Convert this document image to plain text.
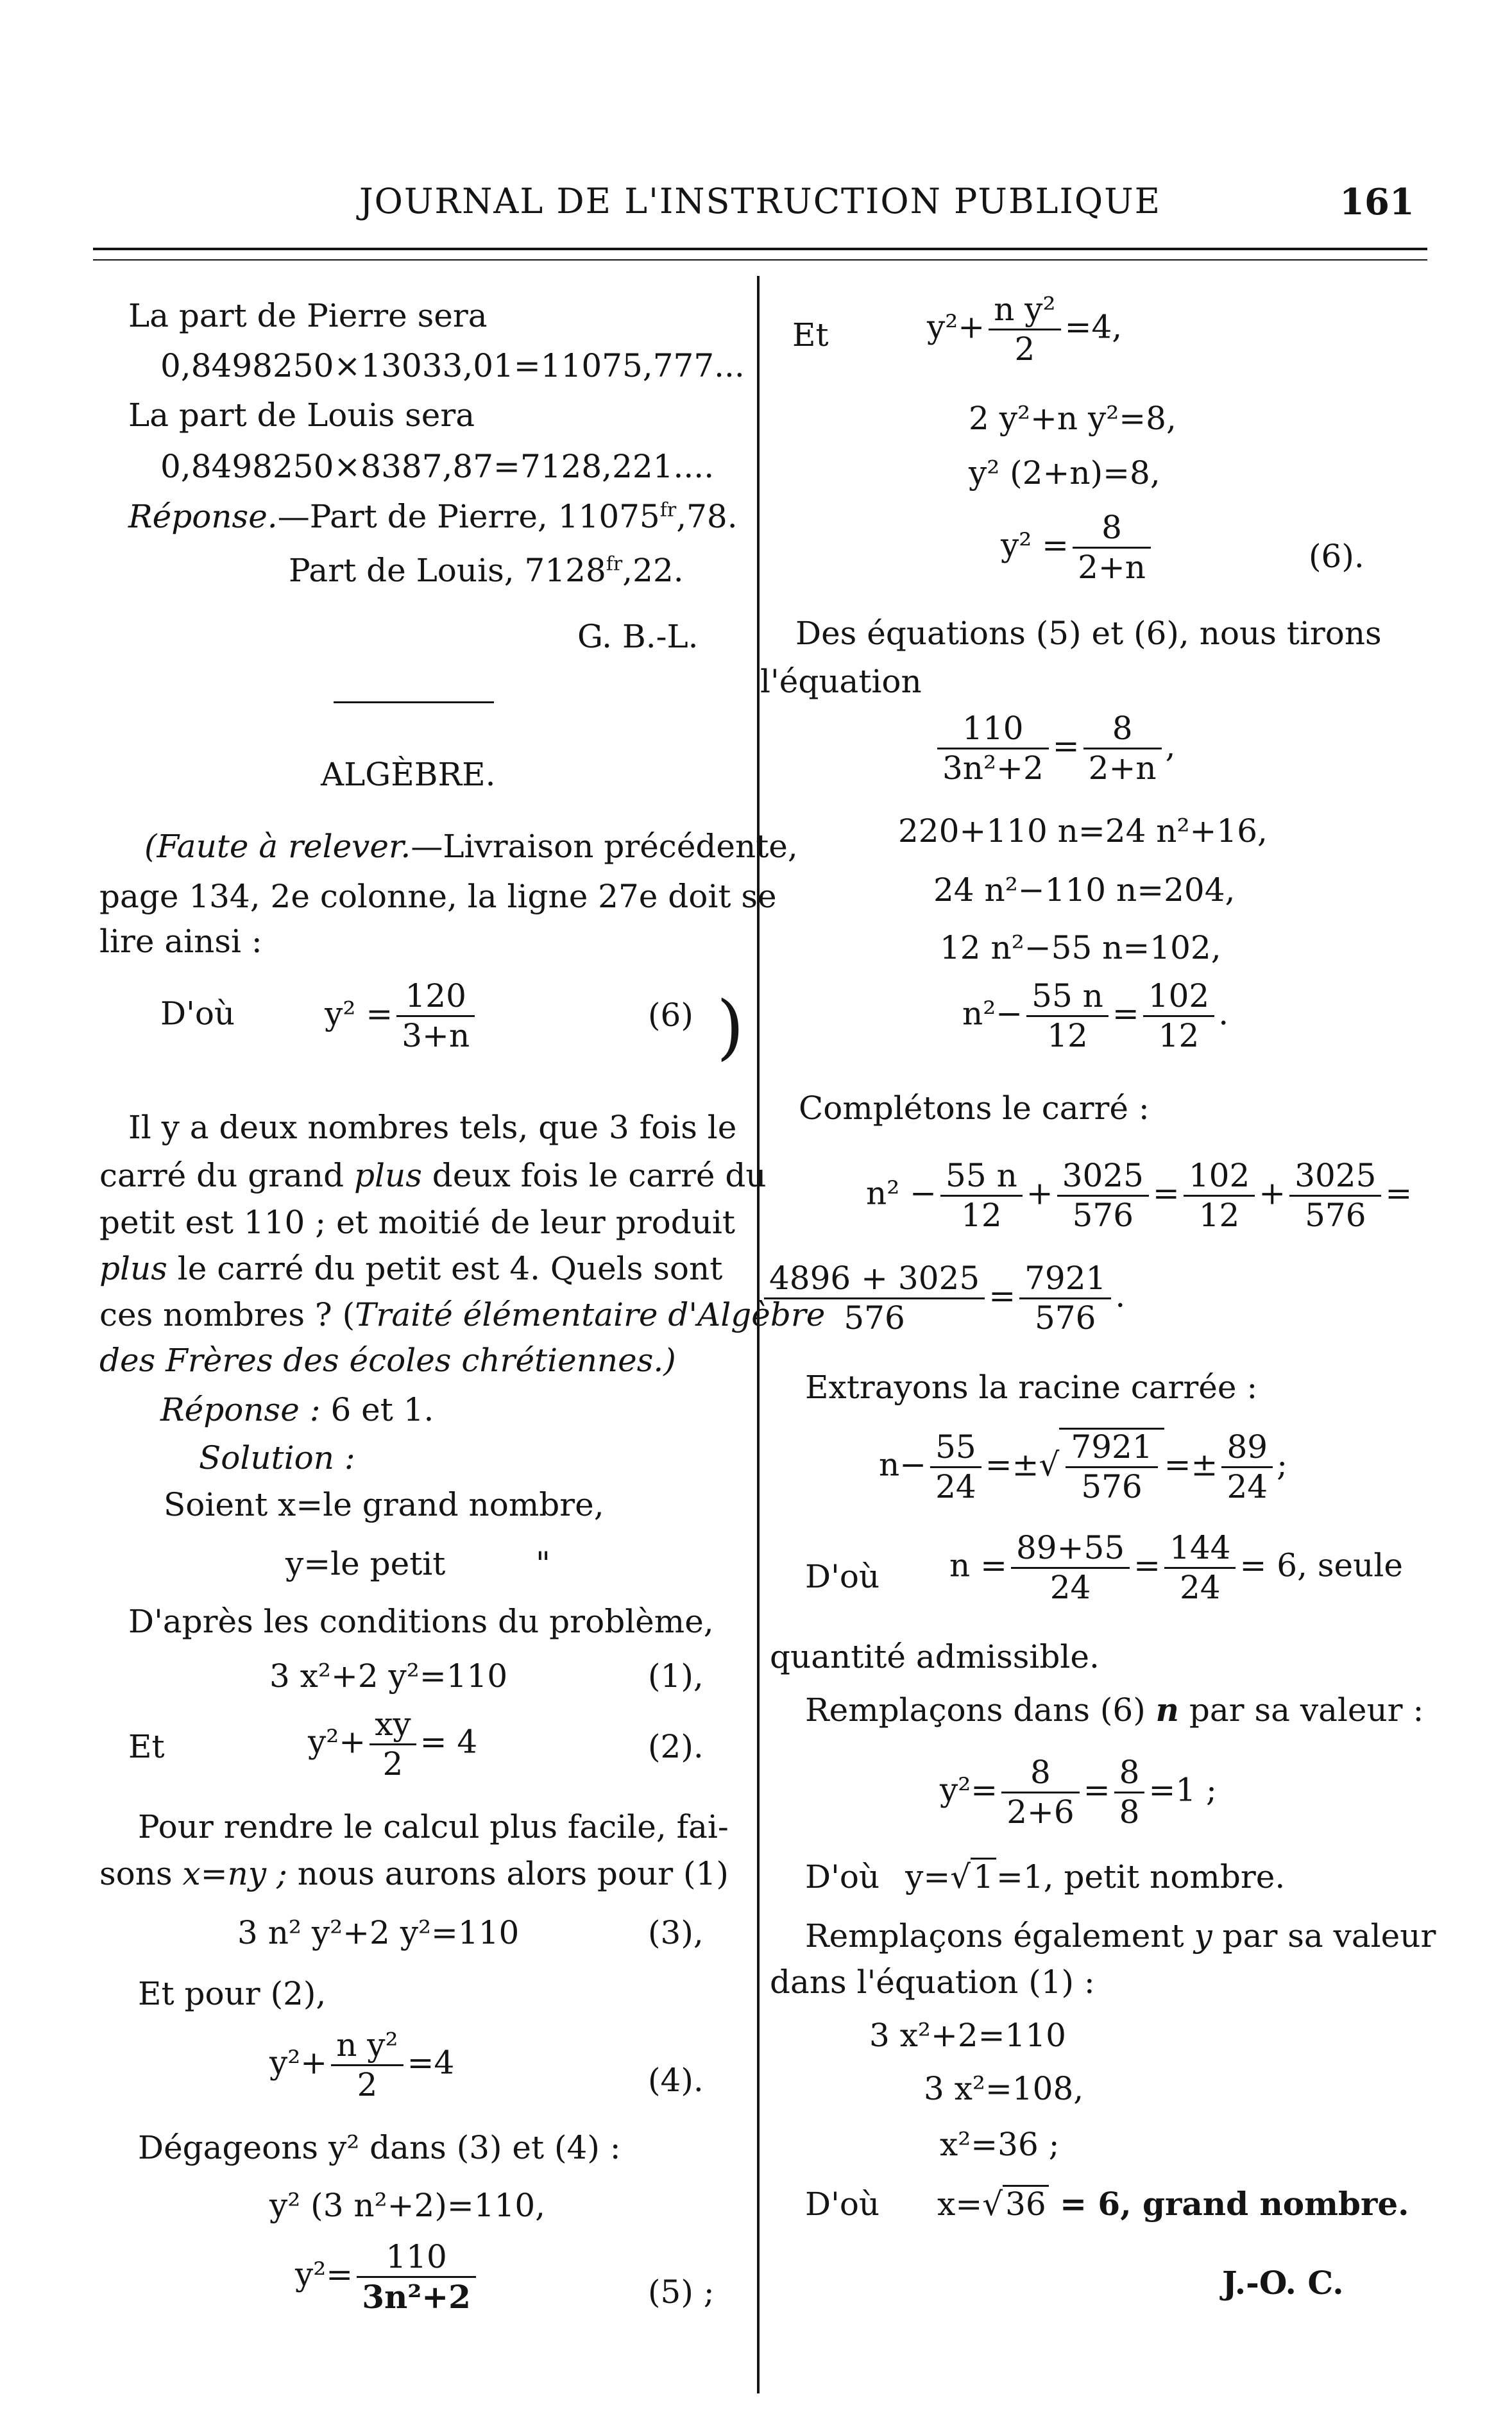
JOURNAL DE L'INSTRUCTION PUBLIQUE	161
La part de Pierre sera
0,8498250×13033,01=11075,777...
La part de Louis sera
0,8498250×8387,87=7128,221....
Réponse.—Part de Pierre, $11075^{fr},78$.
Part de Louis, $7128^{fr},22$.
G. B.-L.
ALGÈBRE.
(Faute à relever.—Livraison précédente,
page 134, 2e colonne, la ligne 27e doit se
lire ainsi :
D'où	$y^2 = \frac{120}{3+n}$	(6) )
Il y a deux nombres tels, que 3 fois le
carré du grand plus deux fois le carré du
petit est 110 ; et moitié de leur produit
plus le carré du petit est 4. Quels sont
ces nombres ? (Traité élémentaire d'Algèbre
des Frères des écoles chrétiennes.)
Réponse : 6 et 1.
Solution :
Soient x=le grand nombre,
y=le petit	"
D'après les conditions du problème,
3 x²+2 y²=110	(1),
Et	$y^2+ \frac{xy}{2} = 4$	(2).
Pour rendre le calcul plus facile, fai-
sons x=ny ; nous aurons alors pour (1)
3 n² y²+2 y²=110	(3),
Et pour (2),
$y^2+ \frac{\text{n y²}}{2} =4$	(4).
Dégageons y² dans (3) et (4) :
y² (3 n²+2)=110,
$y^2= \frac{110}{\text{3n²+2}}$	(5) ;
Et	$y^2+ \frac{\text{n y²}}{2} =4$,
2 y²+n y²=8,
y² (2+n)=8,
$y^2 = \frac{8}{2+n}$	(6).
Des équations (5) et (6), nous tirons
l'équation
$\frac{110}{\text{3n²+2}} = \frac{8}{2+n}$ ,
220+110 n=24 n²+16,
24 n²−110 n=204,
12 n²−55 n=102,
$n^2- \frac{55 n}{12} = \frac{102}{12}$ .
Complétons le carré :
$n^2 - \frac{55 n}{12} + \frac{3025}{576} = \frac{102}{12} + \frac{3025}{576}$ =
$\frac{4896 + 3025}{576} = \frac{7921}{576}$ .
Extrayons la racine carrée :
$n- \frac{55}{24}$ =±√ $\frac{7921}{576} =\pm \frac{89}{24}$ ;
D'où $n = \frac{89+55}{24} = \frac{144}{24} = 6$, seule
quantité admissible.
Remplaçons dans (6) n par sa valeur :
$y^2= \frac{8}{2+6} = \frac{8}{8} =1$ ;
D'où y=√1=1, petit nombre.
Remplaçons également y par sa valeur
dans l'équation (1) :
3 x²+2=110
3 x²=108,
x²=36 ;
D'où x=√36 = 6, grand nombre.
J.-O. C.
